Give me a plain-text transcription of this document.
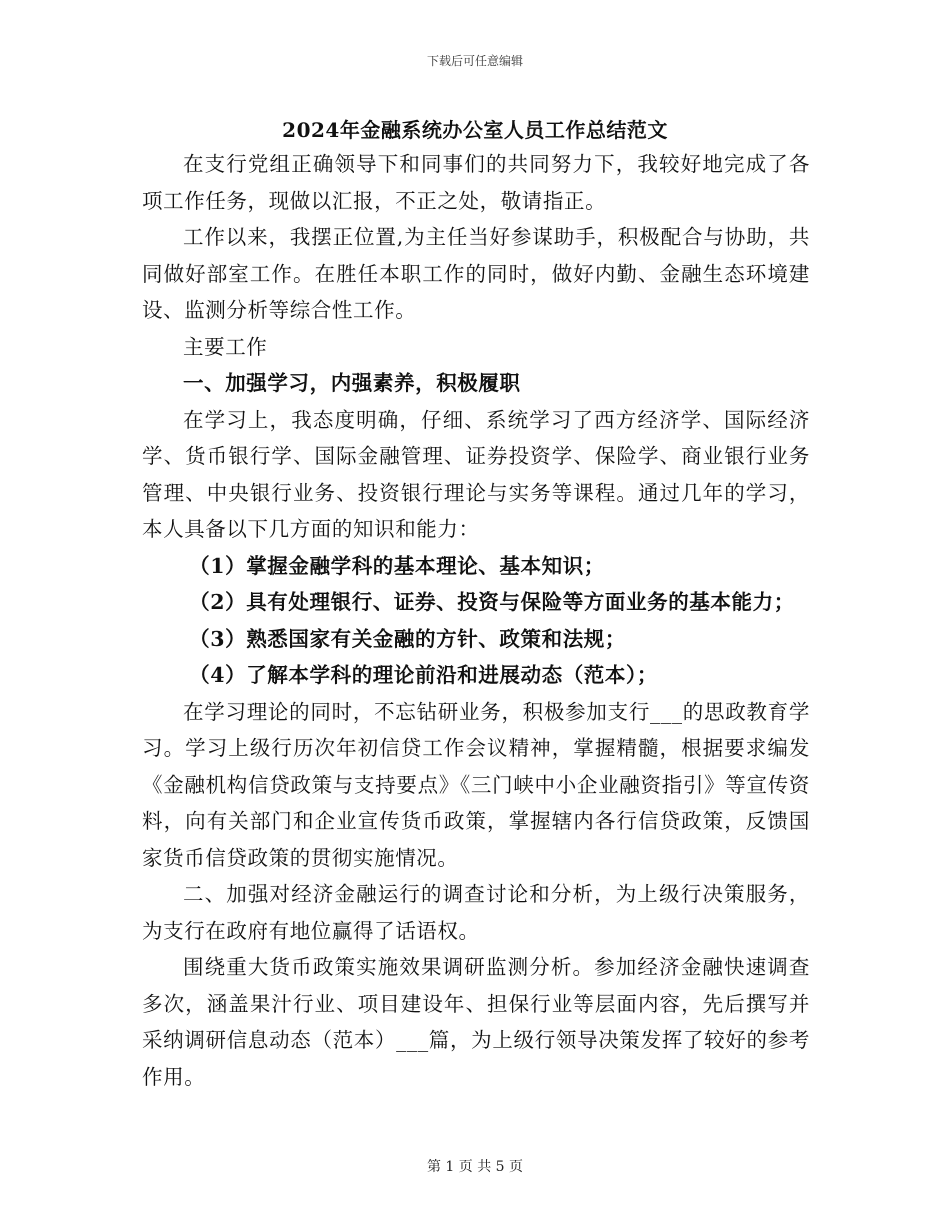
下载后可任意编辑
2024年金融系统办公室人员工作总结范文

在支行党组正确领导下和同事们的共同努力下，我较好地完成了各项工作任务，现做以汇报，不正之处，敬请指正。

工作以来，我摆正位置,为主任当好参谋助手，积极配合与协助，共同做好部室工作。在胜任本职工作的同时，做好内勤、金融生态环境建设、监测分析等综合性工作。

主要工作

一、加强学习，内强素养，积极履职

在学习上，我态度明确，仔细、系统学习了西方经济学、国际经济学、货币银行学、国际金融管理、证券投资学、保险学、商业银行业务管理、中央银行业务、投资银行理论与实务等课程。通过几年的学习，本人具备以下几方面的知识和能力：

（1）掌握金融学科的基本理论、基本知识；

（2）具有处理银行、证券、投资与保险等方面业务的基本能力；

（3）熟悉国家有关金融的方针、政策和法规；

（4）了解本学科的理论前沿和进展动态（范本）；

在学习理论的同时，不忘钻研业务，积极参加支行___的思政教育学习。学习上级行历次年初信贷工作会议精神，掌握精髓，根据要求编发《金融机构信贷政策与支持要点》《三门峡中小企业融资指引》等宣传资料，向有关部门和企业宣传货币政策，掌握辖内各行信贷政策，反馈国家货币信贷政策的贯彻实施情况。

二、加强对经济金融运行的调查讨论和分析，为上级行决策服务，为支行在政府有地位赢得了话语权。

围绕重大货币政策实施效果调研监测分析。参加经济金融快速调查多次，涵盖果汁行业、项目建设年、担保行业等层面内容，先后撰写并采纳调研信息动态（范本）___篇，为上级行领导决策发挥了较好的参考作用。

第 1 页 共 5 页
